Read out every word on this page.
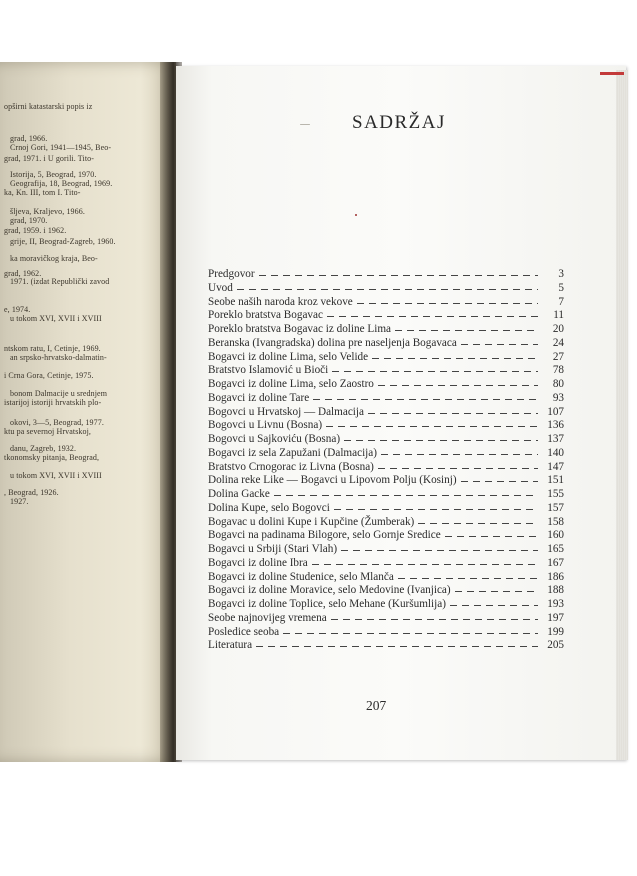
opširni katastarski popis iz
grad, 1966.
Crnoj Gori, 1941—1945, Beo-
grad, 1971. i U gorili. Tito-
Istorija, 5, Beograd, 1970.
Geografija, 18, Beograd, 1969.
ka, Kn. III, tom I. Tito-
šljeva, Kraljevo, 1966.
grad, 1970.
grad, 1959. i 1962.
grije, II, Beograd-Zagreb, 1960.
ka moravičkog kraja, Beo-
grad, 1962.
1971. (izdat Republički zavod
e, 1974.
u tokom XVI, XVII i XVIII
ntskom ratu, I, Cetinje, 1969.
an srpsko-hrvatsko-dalmatin-
i Crna Gora, Cetinje, 1975.
bonom Dalmacije u srednjem
istarijoj istoriji hrvatskih plo-
okovi, 3—5, Beograd, 1977.
ktu pa severnoj Hrvatskoj,
danu, Zagreb, 1932.
tkonomsky pitanja, Beograd,
u tokom XVI, XVII i XVIII
, Beograd, 1926.
1927.
SADRŽAJ
Predgovor	3
Uvod	5
Seobe naših naroda kroz vekove	7
Poreklo bratstva Bogavac	11
Poreklo bratstva Bogavac iz doline Lima	20
Beranska (Ivangradska) dolina pre naseljenja Bogavaca	24
Bogavci iz doline Lima, selo Velide	27
Bratstvo Islamović u Bioči	78
Bogavci iz doline Lima, selo Zaostro	80
Bogavci iz doline Tare	93
Bogovci u Hrvatskoj — Dalmacija	107
Bogovci u Livnu (Bosna)	136
Bogovci u Sajkoviću (Bosna)	137
Bogavci iz sela Zapužani (Dalmacija)	140
Bratstvo Crnogorac iz Livna (Bosna)	147
Dolina reke Like — Bogavci u Lipovom Polju (Kosinj)	151
Dolina Gacke	155
Dolina Kupe, selo Bogovci	157
Bogavac u dolini Kupe i Kupčine (Žumberak)	158
Bogavci na padinama Bilogore, selo Gornje Sredice	160
Bogavci u Srbiji (Stari Vlah)	165
Bogavci iz doline Ibra	167
Bogavci iz doline Studenice, selo Mlanča	186
Bogavci iz doline Moravice, selo Medovine (Ivanjica)	188
Bogavci iz doline Toplice, selo Mehane (Kuršumlija)	193
Seobe najnovijeg vremena	197
Posledice seoba	199
Literatura	205
207
